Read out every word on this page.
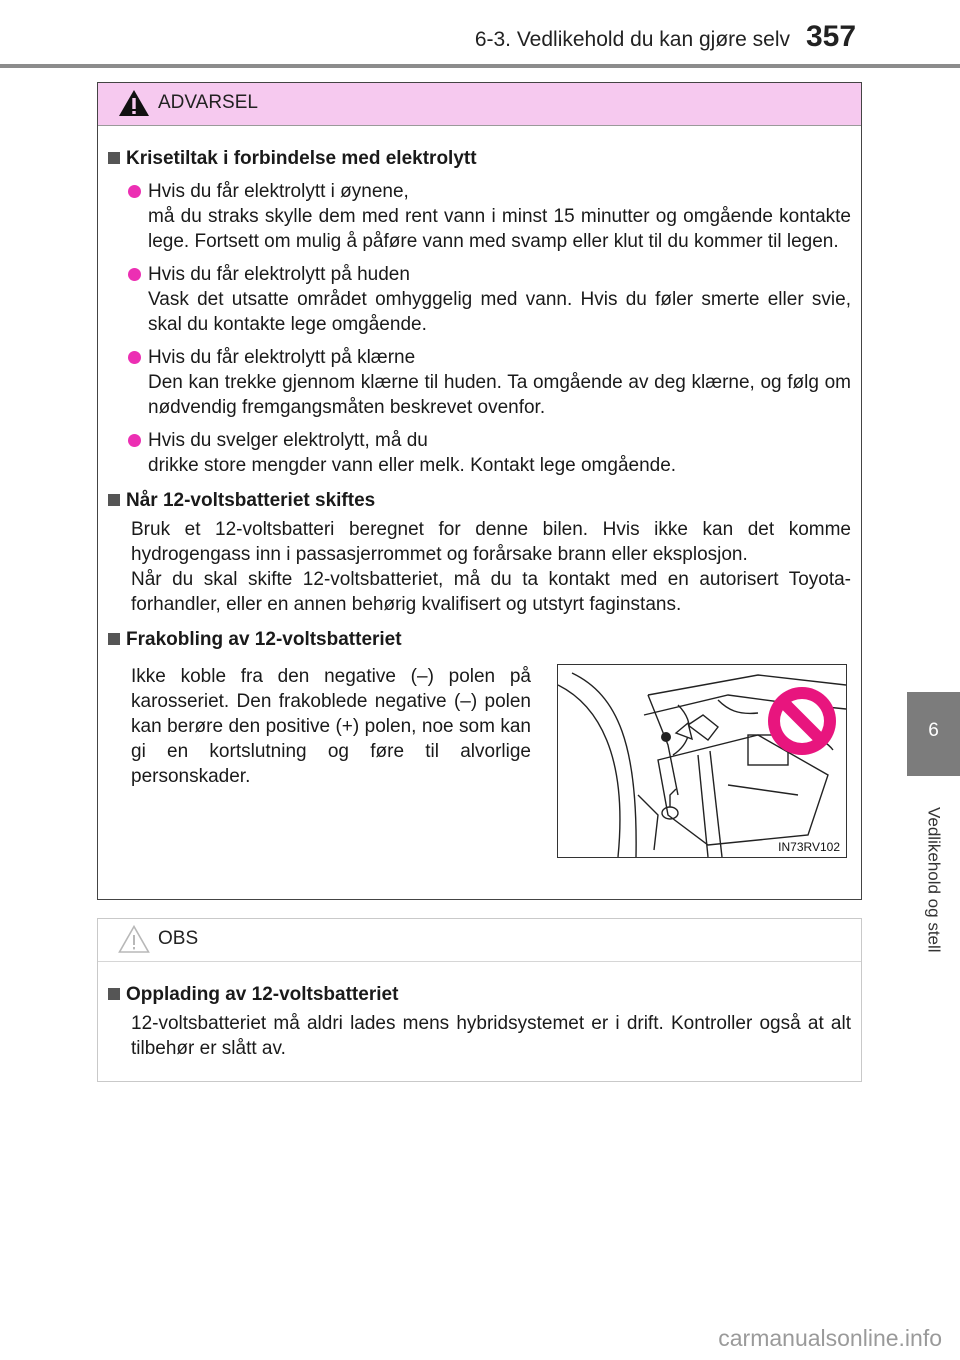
6-3. Vedlikehold du kan gjøre selv 357
6
Vedlikehold og stell
ADVARSEL
Krisetiltak i forbindelse med elektrolytt
Hvis du får elektrolytt i øynene,
må du straks skylle dem med rent vann i minst 15 minutter og omgående kontakte lege. Fortsett om mulig å påføre vann med svamp eller klut til du kommer til legen.
Hvis du får elektrolytt på huden
Vask det utsatte området omhyggelig med vann. Hvis du føler smerte eller svie, skal du kontakte lege omgående.
Hvis du får elektrolytt på klærne
Den kan trekke gjennom klærne til huden. Ta omgående av deg klærne, og følg om nødvendig fremgangsmåten beskrevet ovenfor.
Hvis du svelger elektrolytt, må du
drikke store mengder vann eller melk. Kontakt lege omgående.
Når 12-voltsbatteriet skiftes
Bruk et 12-voltsbatteri beregnet for denne bilen. Hvis ikke kan det komme hydrogengass inn i passasjerrommet og forårsake brann eller eksplosjon.
Når du skal skifte 12-voltsbatteriet, må du ta kontakt med en autorisert Toyota-forhandler, eller en annen behørig kvalifisert og utstyrt faginstans.
Frakobling av 12-voltsbatteriet
Ikke koble fra den negative (–) polen på karosseriet. Den frakoblede negative (–) polen kan berøre den positive (+) polen, noe som kan gi en kortslutning og føre til alvorlige personskader.
IN73RV102
OBS
Opplading av 12-voltsbatteriet
12-voltsbatteriet må aldri lades mens hybridsystemet er i drift. Kontroller også at alt tilbehør er slått av.
carmanualsonline.info
